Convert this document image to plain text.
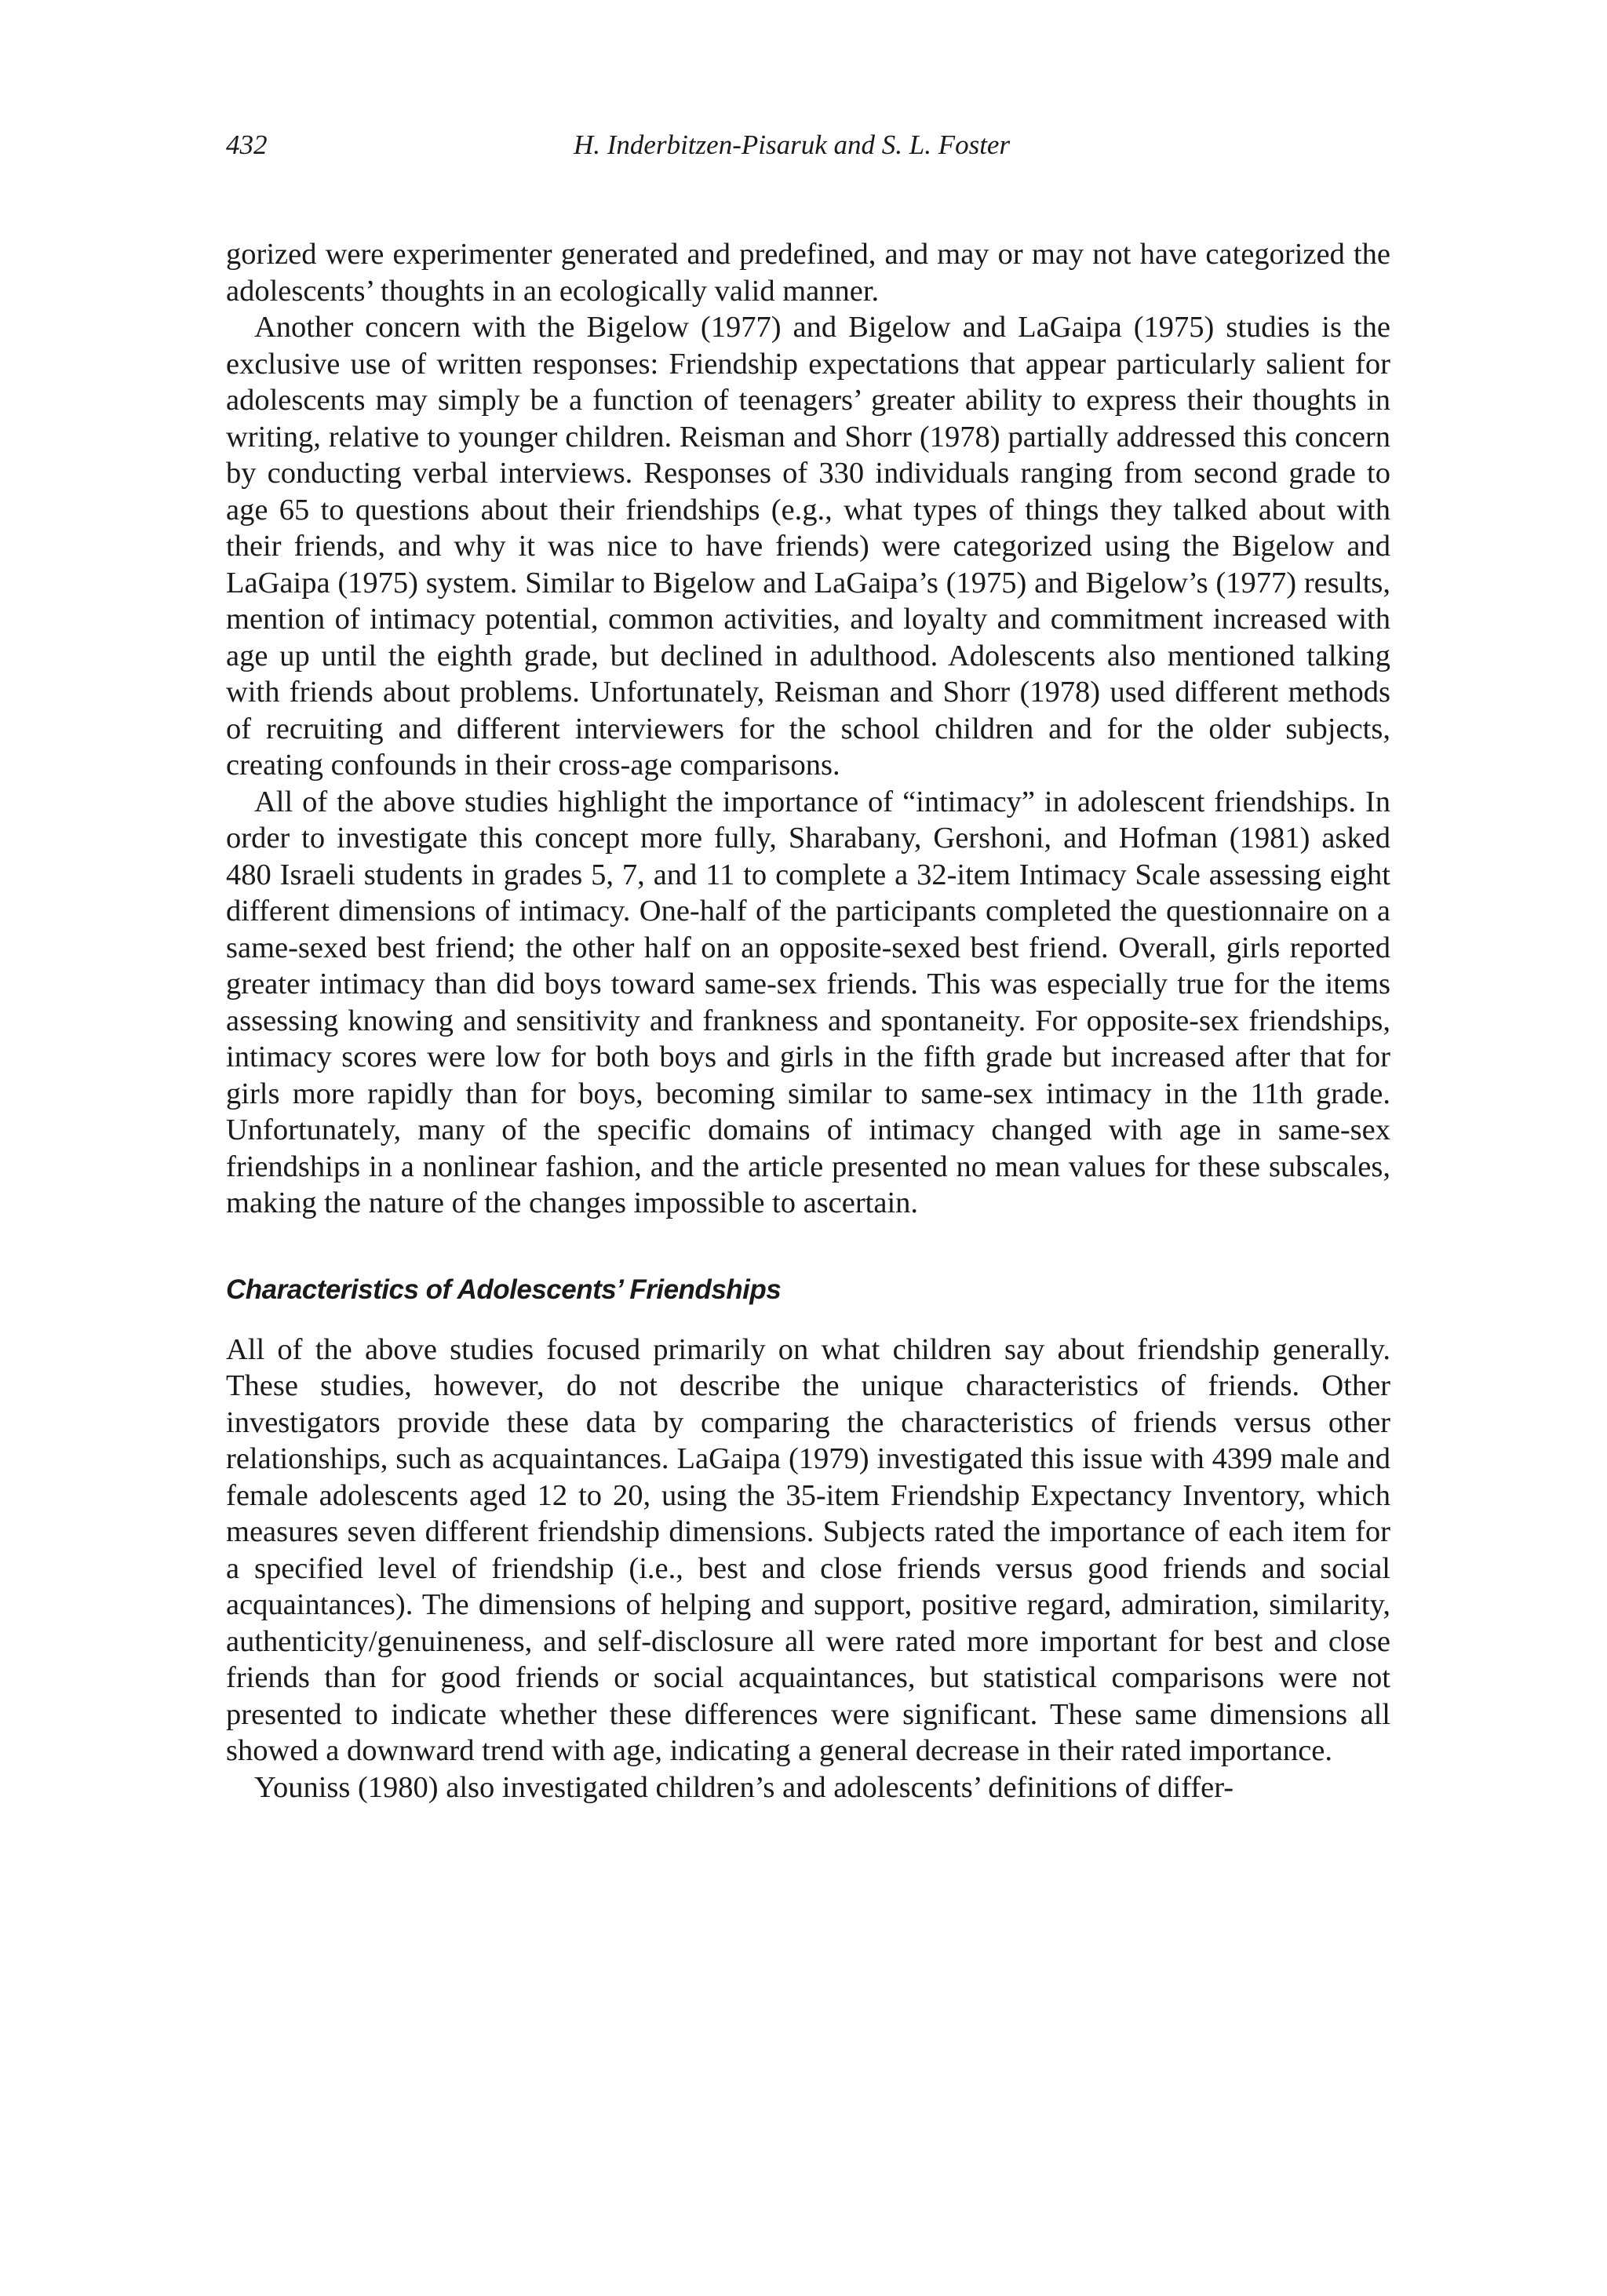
432	H. Inderbitzen-Pisaruk and S. L. Foster

gorized were experimenter generated and predefined, and may or may not have categorized the adolescents’ thoughts in an ecologically valid manner.

Another concern with the Bigelow (1977) and Bigelow and LaGaipa (1975) studies is the exclusive use of written responses: Friendship expectations that appear particularly salient for adolescents may simply be a function of teenagers’ greater ability to express their thoughts in writing, relative to younger children. Reisman and Shorr (1978) partially addressed this concern by conducting verbal interviews. Responses of 330 individuals ranging from second grade to age 65 to questions about their friendships (e.g., what types of things they talked about with their friends, and why it was nice to have friends) were categorized using the Bigelow and LaGaipa (1975) system. Similar to Bigelow and LaGaipa’s (1975) and Bigelow’s (1977) results, mention of intimacy potential, common activities, and loyalty and commitment increased with age up until the eighth grade, but declined in adulthood. Adolescents also mentioned talking with friends about problems. Unfortunately, Reisman and Shorr (1978) used different methods of recruiting and different interviewers for the school children and for the older subjects, creating confounds in their cross-age comparisons.

All of the above studies highlight the importance of “intimacy” in adolescent friendships. In order to investigate this concept more fully, Sharabany, Gershoni, and Hofman (1981) asked 480 Israeli students in grades 5, 7, and 11 to complete a 32-item Intimacy Scale assessing eight different dimensions of intimacy. One-half of the participants completed the questionnaire on a same-sexed best friend; the other half on an opposite-sexed best friend. Overall, girls reported greater intimacy than did boys toward same-sex friends. This was especially true for the items assessing knowing and sensitivity and frankness and spontaneity. For opposite-sex friendships, intimacy scores were low for both boys and girls in the fifth grade but increased after that for girls more rapidly than for boys, becoming similar to same-sex intimacy in the 11th grade. Unfortunately, many of the specific domains of intimacy changed with age in same-sex friendships in a nonlinear fashion, and the article presented no mean values for these subscales, making the nature of the changes impossible to ascertain.

Characteristics of Adolescents’ Friendships

All of the above studies focused primarily on what children say about friendship generally. These studies, however, do not describe the unique characteristics of friends. Other investigators provide these data by comparing the characteristics of friends versus other relationships, such as acquaintances. LaGaipa (1979) investigated this issue with 4399 male and female adolescents aged 12 to 20, using the 35-item Friendship Expectancy Inventory, which measures seven different friendship dimensions. Subjects rated the importance of each item for a specified level of friendship (i.e., best and close friends versus good friends and social acquaintances). The dimensions of helping and support, positive regard, admiration, similarity, authenticity/genuineness, and self-disclosure all were rated more important for best and close friends than for good friends or social acquaintances, but statistical comparisons were not presented to indicate whether these differences were significant. These same dimensions all showed a downward trend with age, indicating a general decrease in their rated importance.

Youniss (1980) also investigated children’s and adolescents’ definitions of differ-
